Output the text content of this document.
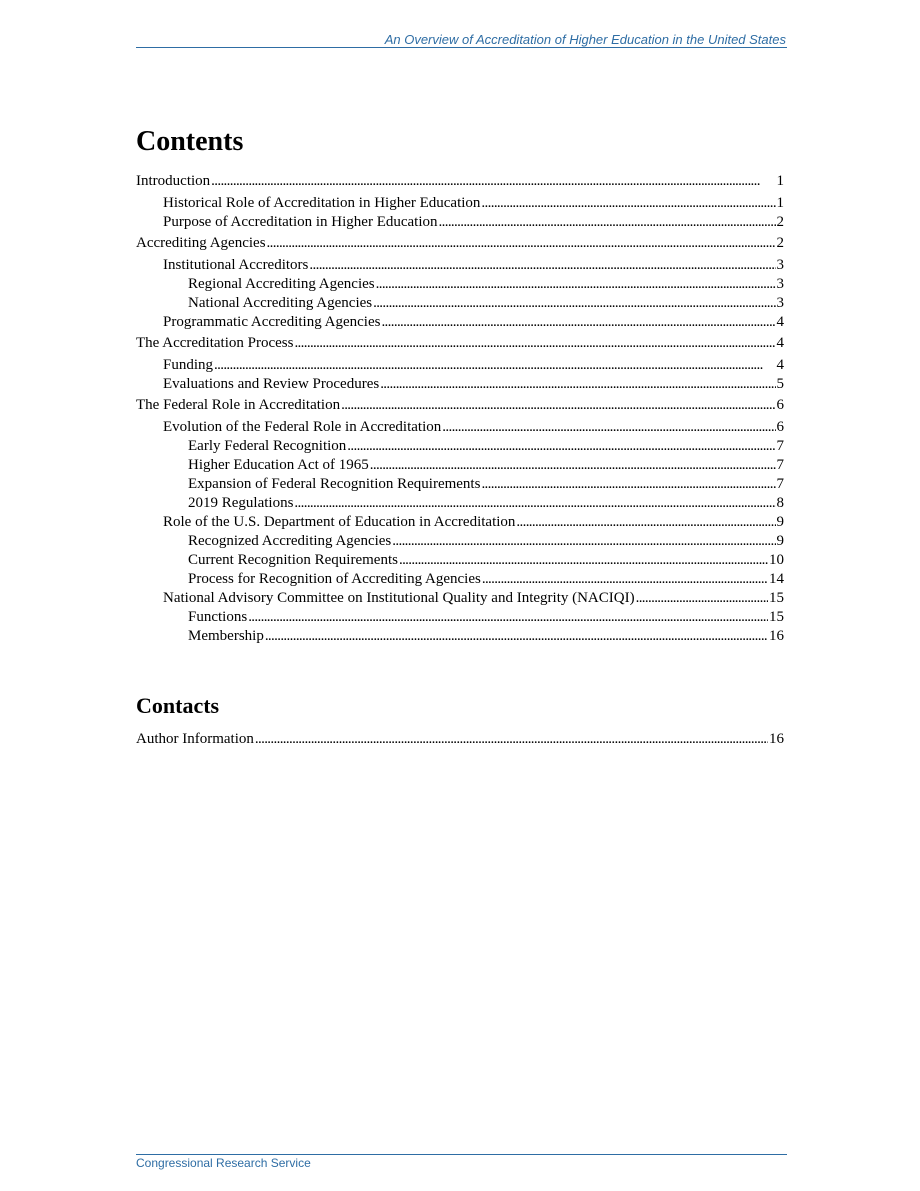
An Overview of Accreditation of Higher Education in the United States
Contents
Introduction . . .	1
Historical Role of Accreditation in Higher Education . . .	1
Purpose of Accreditation in Higher Education . . .	2
Accrediting Agencies . . .	2
Institutional Accreditors . . .	3
Regional Accrediting Agencies . . .	3
National Accrediting Agencies . . .	3
Programmatic Accrediting Agencies . . .	4
The Accreditation Process . . .	4
Funding . . .	4
Evaluations and Review Procedures . . .	5
The Federal Role in Accreditation . . .	6
Evolution of the Federal Role in Accreditation . . .	6
Early Federal Recognition . . .	7
Higher Education Act of 1965 . . .	7
Expansion of Federal Recognition Requirements . . .	7
2019 Regulations . . .	8
Role of the U.S. Department of Education in Accreditation . . .	9
Recognized Accrediting Agencies . . .	9
Current Recognition Requirements . . .	10
Process for Recognition of Accrediting Agencies . . .	14
National Advisory Committee on Institutional Quality and Integrity (NACIQI) . . .	15
Functions . . .	15
Membership . . .	16
Contacts
Author Information . . .	16
Congressional Research Service
